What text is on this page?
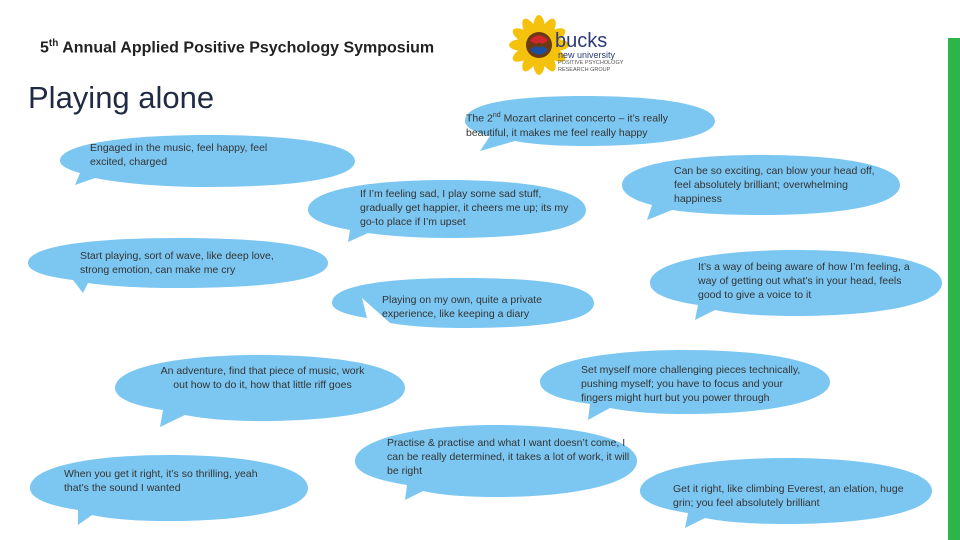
5th Annual Applied Positive Psychology Symposium
Playing alone
bucks
new university
POSITIVE PSYCHOLOGY
RESEARCH GROUP
The 2nd Mozart clarinet concerto – it’s really beautiful, it makes me feel really happy
Engaged in the music, feel happy, feel excited, charged
Can be so exciting, can blow your head off, feel absolutely brilliant; overwhelming happiness
If I’m feeling sad, I play some sad stuff, gradually get happier, it cheers me up; its my go-to place if I’m upset
Start playing, sort of wave, like deep love, strong emotion, can make me cry	It’s a way of being aware of how I’m feeling, a way of getting out what’s in your head, feels good to give a voice to it
Playing on my own, quite a private experience, like keeping a diary
An adventure, find that piece of music, work out how to do it, how that little riff goes
Set myself more challenging pieces technically, pushing myself; you have to focus and your fingers might hurt but you power through
Practise & practise and what I want doesn’t come, I can be really determined, it takes a lot of work, it will be right
When you get it right, it’s so thrilling, yeah that’s the sound I wanted	Get it right, like climbing Everest, an elation, huge grin; you feel absolutely brilliant
